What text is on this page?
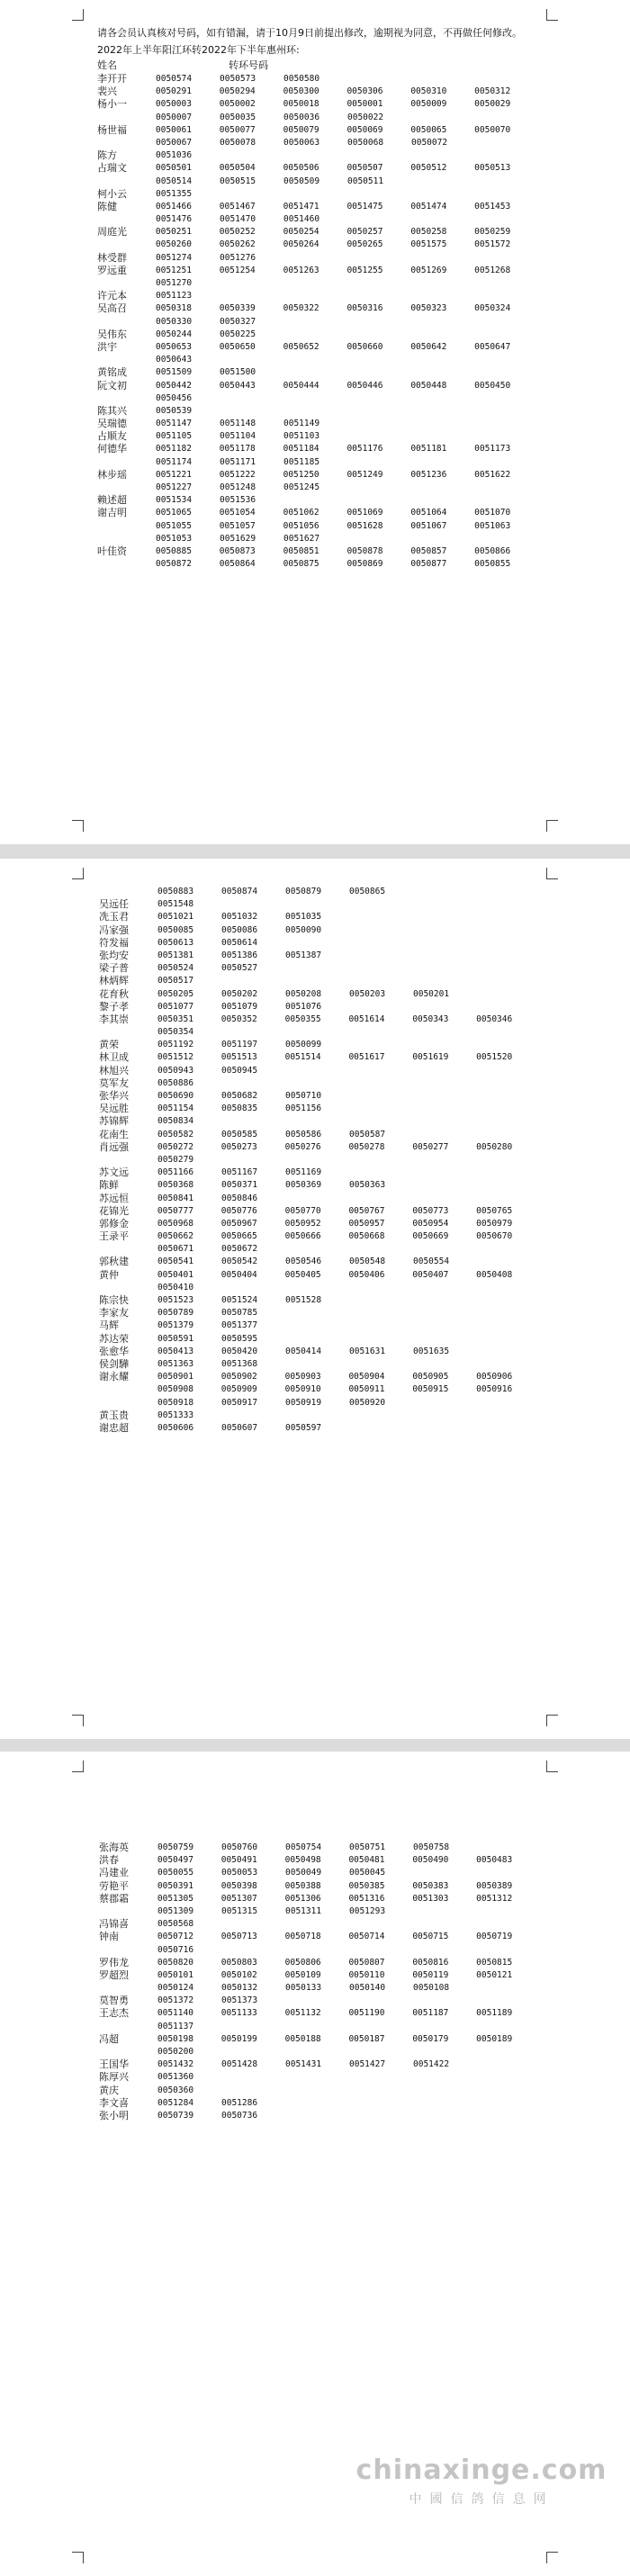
请各会员认真核对号码，如有错漏，请于10月9日前提出修改，逾期视为同意，不再做任何修改。

2022年上半年阳江环转2022年下半年惠州环:
姓名	转环号码
李开开	0050574	0050573	0050580
裴兴	0050291	0050294	0050300	0050306	0050310	0050312
杨小一	0050003	0050002	0050018	0050001	0050009	0050029
0050007	0050035	0050036	0050022
杨世福	0050061	0050077	0050079	0050069	0050065	0050070
0050067	0050078	0050063	0050068	0050072
陈方	0051036
占瑞文	0050501	0050504	0050506	0050507	0050512	0050513
0050514	0050515	0050509	0050511
柯小云	0051355
陈健	0051466	0051467	0051471	0051475	0051474	0051453
0051476	0051470	0051460
周庭光	0050251	0050252	0050254	0050257	0050258	0050259
0050260	0050262	0050264	0050265	0051575	0051572
林受群	0051274	0051276
罗远重	0051251	0051254	0051263	0051255	0051269	0051268
0051270
许元本	0051123
吴高召	0050318	0050339	0050322	0050316	0050323	0050324
0050330	0050327
吴伟东	0050244	0050225
洪宇	0050653	0050650	0050652	0050660	0050642	0050647
0050643
黄铭成	0051509	0051500
阮文初	0050442	0050443	0050444	0050446	0050448	0050450
0050456
陈其兴	0050539
吴瑞德	0051147	0051148	0051149
占顺友	0051105	0051104	0051103
何德华	0051182	0051178	0051184	0051176	0051181	0051173
0051174	0051171	0051185
林步瑶	0051221	0051222	0051250	0051249	0051236	0051622
0051227	0051248	0051245
赖述超	0051534	0051536
谢吉明	0051065	0051054	0051062	0051069	0051064	0051070
0051055	0051057	0051056	0051628	0051067	0051063
0051053	0051629	0051627
叶佳资	0050885	0050873	0050851	0050878	0050857	0050866
0050872	0050864	0050875	0050869	0050877	0050855
0050883	0050874	0050879	0050865
吴远任	0051548
冼玉君	0051021	0051032	0051035
冯家强	0050085	0050086	0050090
符发福	0050613	0050614
张均安	0051381	0051386	0051387
梁子普	0050524	0050527
林炳辉	0050517
花育秋	0050205	0050202	0050208	0050203	0050201
黎子孝	0051077	0051079	0051076
李其崇	0050351	0050352	0050355	0051614	0050343	0050346
0050354
黄荣	0051192	0051197	0050099
林卫成	0051512	0051513	0051514	0051617	0051619	0051520
林旭兴	0050943	0050945
莫军友	0050886
张华兴	0050690	0050682	0050710
吴远胜	0051154	0050835	0051156
苏锦辉	0050834
花南生	0050582	0050585	0050586	0050587
肖远强	0050272	0050273	0050276	0050278	0050277	0050280
0050279
苏文远	0051166	0051167	0051169
陈鲜	0050368	0050371	0050369	0050363
苏远恒	0050841	0050846
花锦光	0050777	0050776	0050770	0050767	0050773	0050765
郭修金	0050968	0050967	0050952	0050957	0050954	0050979
王录平	0050662	0050665	0050666	0050668	0050669	0050670
0050671	0050672
郭秋建	0050541	0050542	0050546	0050548	0050554
黄仲	0050401	0050404	0050405	0050406	0050407	0050408
0050410
陈宗快	0051523	0051524	0051528
李家友	0050789	0050785
马辉	0051379	0051377
苏达荣	0050591	0050595
张愈华	0050413	0050420	0050414	0051631	0051635
侯剑驊	0051363	0051368
谢永耀	0050901	0050902	0050903	0050904	0050905	0050906
0050908	0050909	0050910	0050911	0050915	0050916
0050918	0050917	0050919	0050920
黄玉贵	0051333
谢忠超	0050606	0050607	0050597
张海英	0050759	0050760	0050754	0050751	0050758
洪春	0050497	0050491	0050498	0050481	0050490	0050483
冯建业	0050055	0050053	0050049	0050045
劳艳平	0050391	0050398	0050388	0050385	0050383	0050389
蔡郡霜	0051305	0051307	0051306	0051316	0051303	0051312
0051309	0051315	0051311	0051293
冯锦喜	0050568
钟南	0050712	0050713	0050718	0050714	0050715	0050719
0050716
罗伟龙	0050820	0050803	0050806	0050807	0050816	0050815
罗超烈	0050101	0050102	0050109	0050110	0050119	0050121
0050124	0050132	0050133	0050140	0050108
莫智勇	0051372	0051373
王志杰	0051140	0051133	0051132	0051190	0051187	0051189
0051137
冯超	0050198	0050199	0050188	0050187	0050179	0050189
0050200
王国华	0051432	0051428	0051431	0051427	0051422
陈厚兴	0051360
黄庆	0050360
李文喜	0051284	0051286
张小明	0050739	0050736
chinaxinge.com
中國信鸽信息网
